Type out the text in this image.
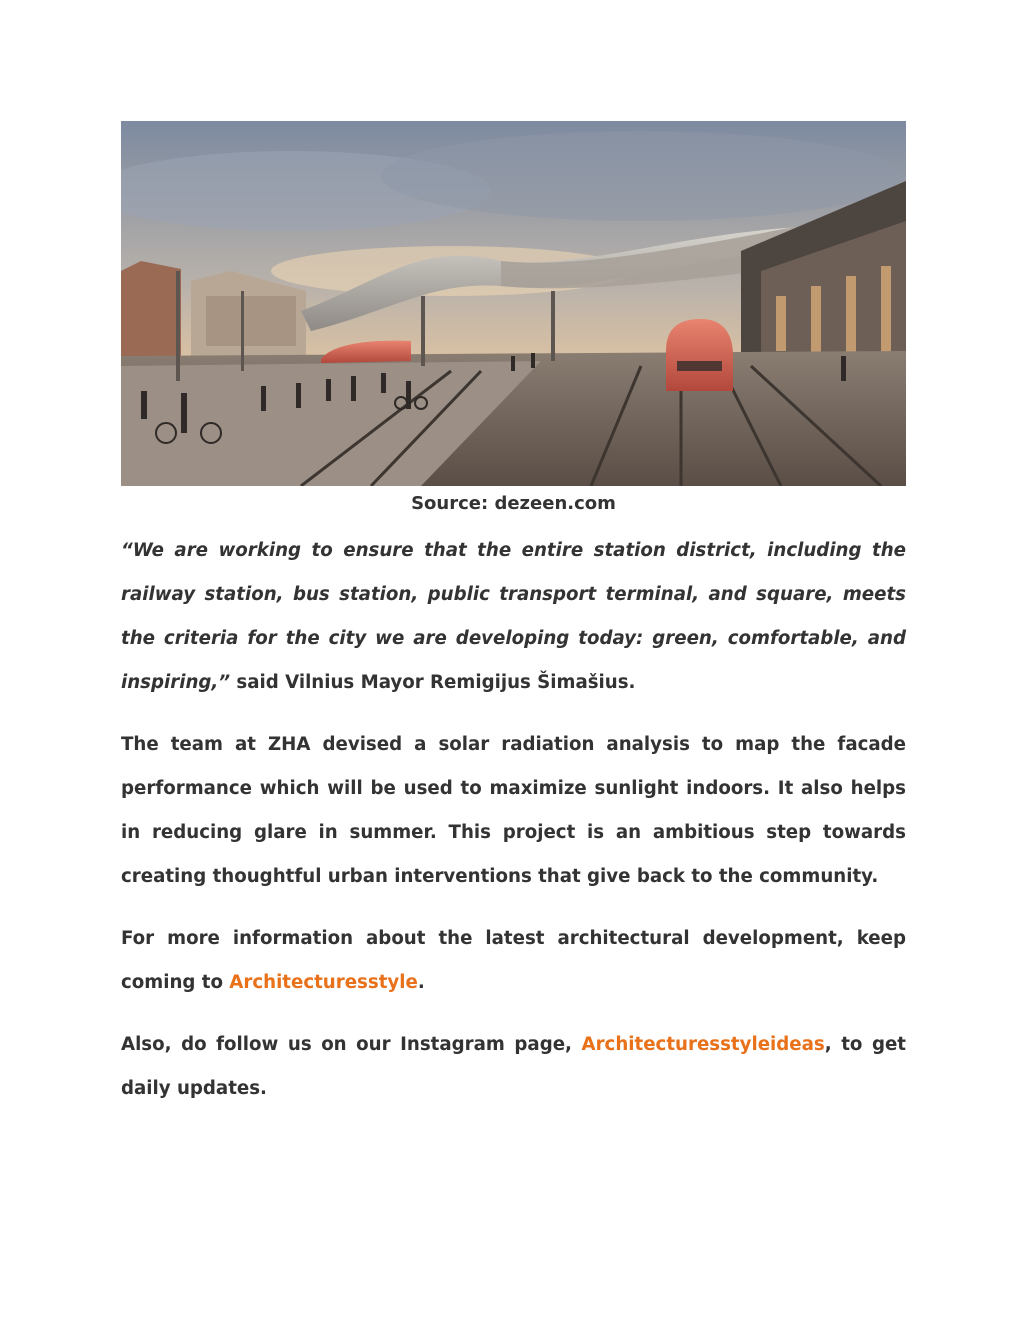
Source: dezeen.com

“We are working to ensure that the entire station district, including the railway station, bus station, public transport terminal, and square, meets the criteria for the city we are developing today: green, comfortable, and inspiring,” said Vilnius Mayor Remigijus Šimašius.

The team at ZHA devised a solar radiation analysis to map the facade performance which will be used to maximize sunlight indoors. It also helps in reducing glare in summer. This project is an ambitious step towards creating thoughtful urban interventions that give back to the community.

For more information about the latest architectural development, keep coming to Architecturesstyle.

Also, do follow us on our Instagram page, Architecturesstyleideas, to get daily updates.
